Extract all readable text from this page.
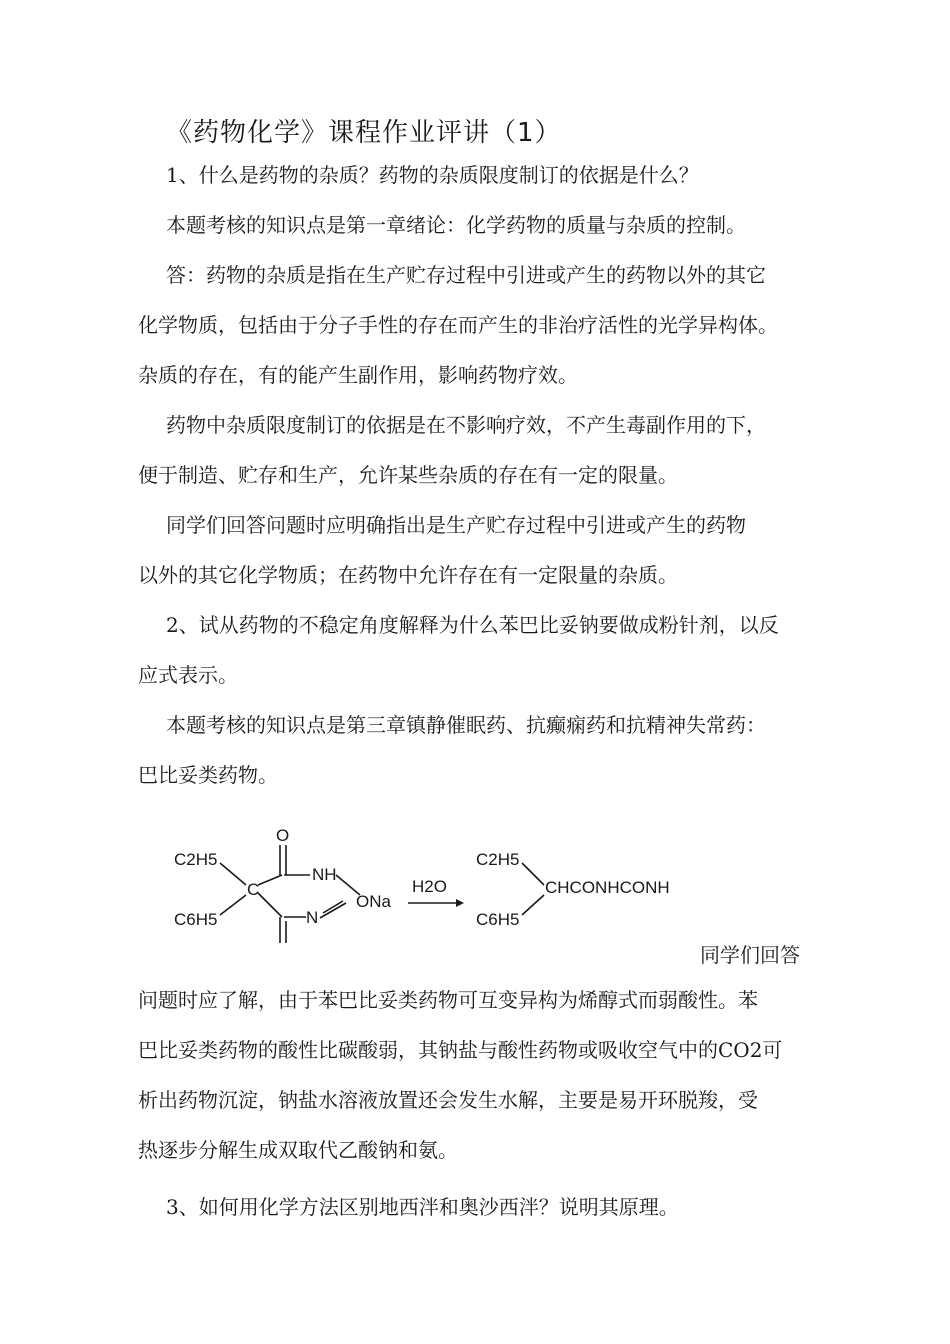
《药物化学》课程作业评讲（1）
1、什么是药物的杂质？药物的杂质限度制订的依据是什么？
本题考核的知识点是第一章绪论：化学药物的质量与杂质的控制。
答：药物的杂质是指在生产贮存过程中引进或产生的药物以外的其它
化学物质，包括由于分子手性的存在而产生的非治疗活性的光学异构体。
杂质的存在，有的能产生副作用，影响药物疗效。
药物中杂质限度制订的依据是在不影响疗效，不产生毒副作用的下，
便于制造、贮存和生产，允许某些杂质的存在有一定的限量。
同学们回答问题时应明确指出是生产贮存过程中引进或产生的药物
以外的其它化学物质；在药物中允许存在有一定限量的杂质。
2、试从药物的不稳定角度解释为什么苯巴比妥钠要做成粉针剂，以反
应式表示。
本题考核的知识点是第三章镇静催眠药、抗癫痫药和抗精神失常药：
巴比妥类药物。
C2H5
C6H5
C
O
NH
ONa
N
H2O
C2H5
C6H5
CHCONHCONH
同学们回答
问题时应了解，由于苯巴比妥类药物可互变异构为烯醇式而弱酸性。苯
巴比妥类药物的酸性比碳酸弱，其钠盐与酸性药物或吸收空气中的CO2可
析出药物沉淀，钠盐水溶液放置还会发生水解，主要是易开环脱羧，受
热逐步分解生成双取代乙酸钠和氨。
3、如何用化学方法区别地西泮和奥沙西泮？说明其原理。
